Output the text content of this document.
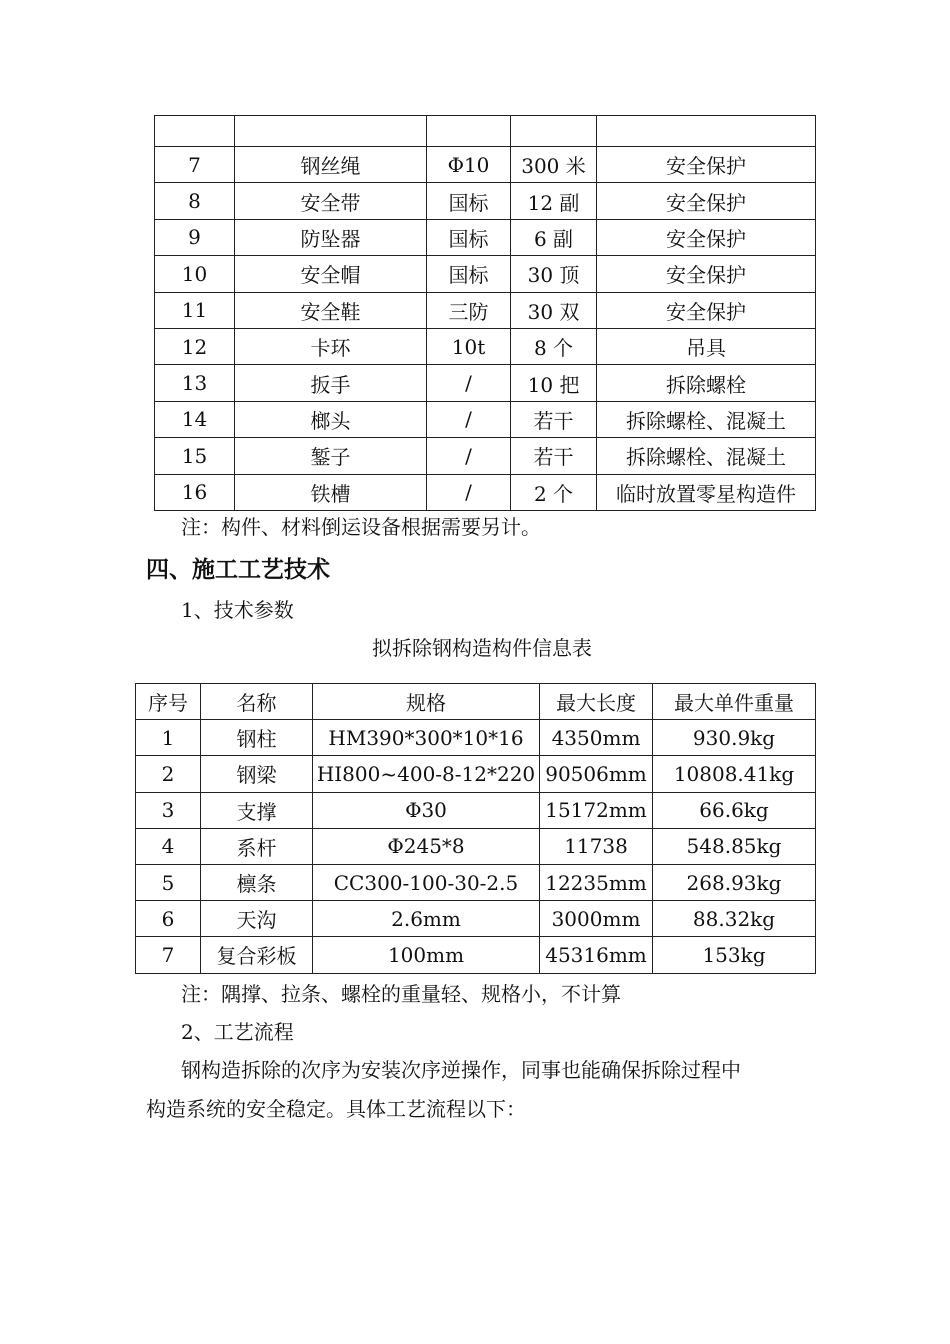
7	钢丝绳	Φ10	300 米	安全保护
8	安全带	国标	12 副	安全保护
9	防坠器	国标	6 副	安全保护
10	安全帽	国标	30 顶	安全保护
11	安全鞋	三防	30 双	安全保护
12	卡环	10t	8 个	吊具
13	扳手	/	10 把	拆除螺栓
14	榔头	/	若干	拆除螺栓、混凝土
15	錾子	/	若干	拆除螺栓、混凝土
16	铁槽	/	2 个	临时放置零星构造件
注：构件、材料倒运设备根据需要另计。
四、施工工艺技术
1、技术参数
拟拆除钢构造构件信息表
序号	名称	规格	最大长度	最大单件重量
1	钢柱	HM390*300*10*16	4350mm	930.9kg
2	钢梁	HI800~400-8-12*220	90506mm	10808.41kg
3	支撑	Φ30	15172mm	66.6kg
4	系杆	Φ245*8	11738	548.85kg
5	檩条	CC300-100-30-2.5	12235mm	268.93kg
6	天沟	2.6mm	3000mm	88.32kg
7	复合彩板	100mm	45316mm	153kg
注：隅撑、拉条、螺栓的重量轻、规格小，不计算
2、工艺流程
钢构造拆除的次序为安装次序逆操作，同事也能确保拆除过程中
构造系统的安全稳定。具体工艺流程以下：
